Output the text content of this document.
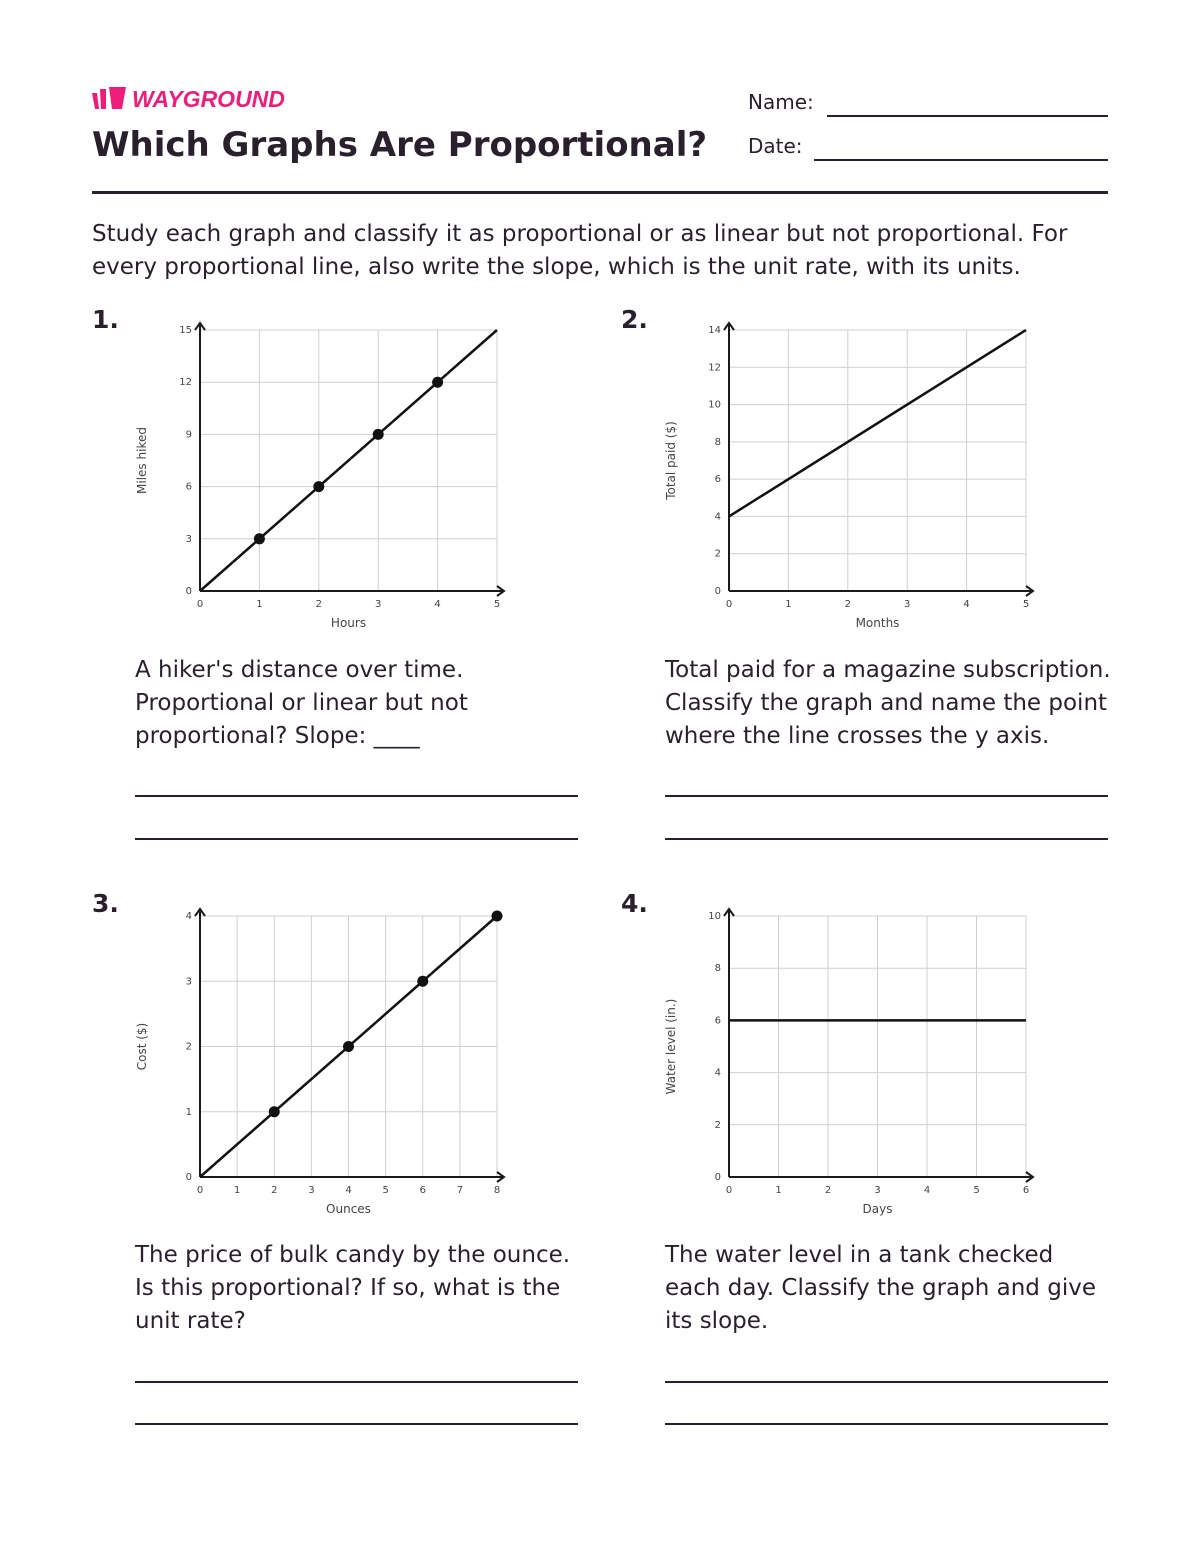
WAYGROUND
Which Graphs Are Proportional?
Name:
Date:

Study each graph and classify it as proportional or as linear but not proportional. For every proportional line, also write the slope, which is the unit rate, with its units.

1.	2.
3.	4.
0	1	2	3	4	5
0
3
6
9
12
15
Hours
Miles hiked
0	1	2	3	4	5
0
2
4
6
8
10
12
14
Months
Total paid ($)
0	1	2	3	4	5	6	7	8
0
1
2
3
4
Ounces
Cost ($)
0	1	2	3	4	5	6
0
2
4
6
8
10
Days
Water level (in.)

A hiker's distance over time. Proportional or linear but not proportional? Slope: ____

Total paid for a magazine subscription. Classify the graph and name the point where the line crosses the y axis.

The price of bulk candy by the ounce. Is this proportional? If so, what is the unit rate?

The water level in a tank checked each day. Classify the graph and give its slope.
